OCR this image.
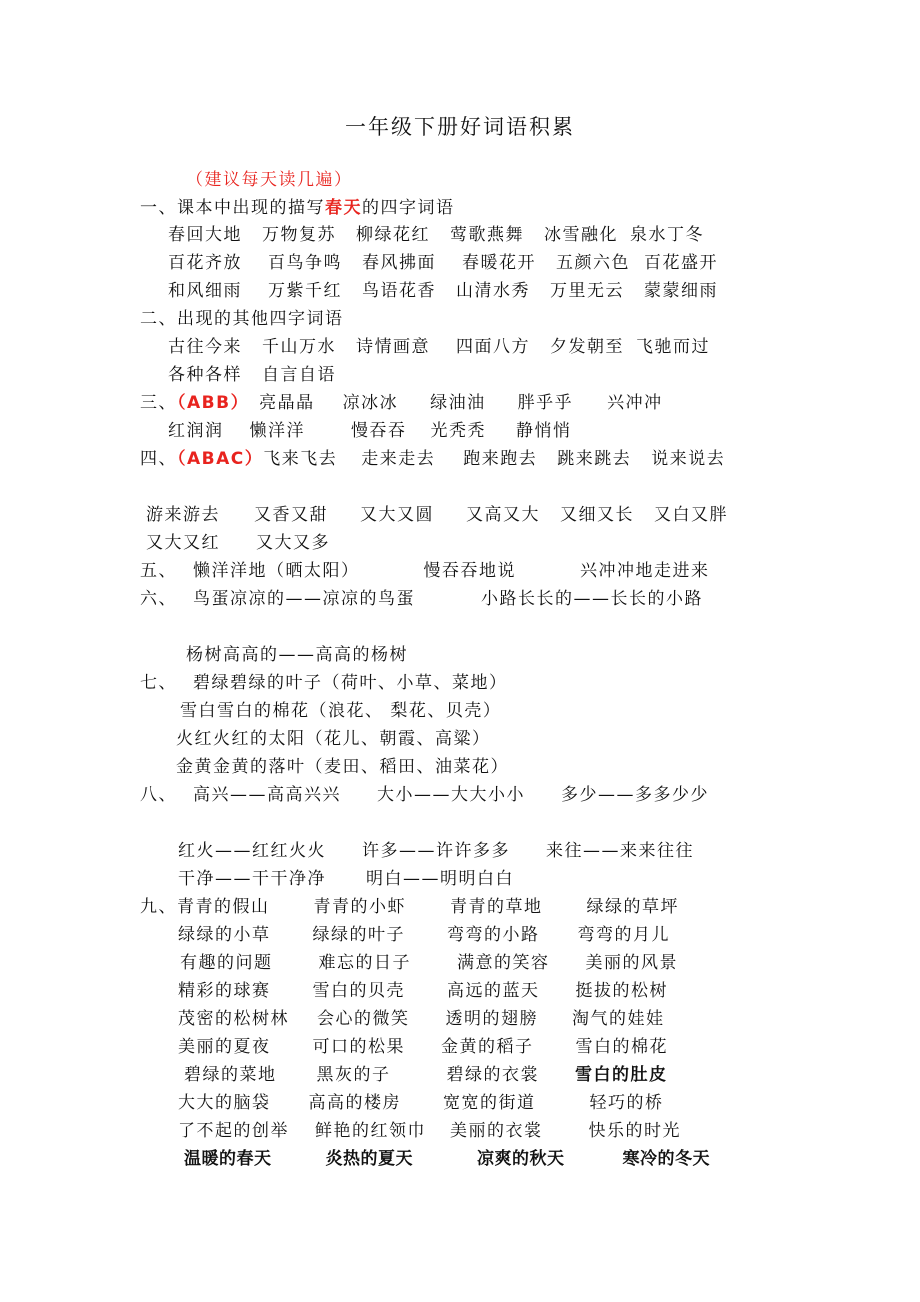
一年级下册好词语积累
（建议每天读几遍）
一、课本中出现的描写春天的四字词语
春回大地 万物复苏 柳绿花红 莺歌燕舞 冰雪融化 泉水丁冬
百花齐放 百鸟争鸣 春风拂面 春暖花开 五颜六色 百花盛开
和风细雨 万紫千红 鸟语花香 山清水秀 万里无云 蒙蒙细雨
二、出现的其他四字词语
古往今来 千山万水 诗情画意 四面八方 夕发朝至 飞驰而过
各种各样 自言自语
三、（ABB） 亮晶晶 凉冰冰 绿油油 胖乎乎 兴冲冲
红润润 懒洋洋	慢吞吞 光秃秃 静悄悄
四、（ABAC）飞来飞去 走来走去 跑来跑去 跳来跳去 说来说去
游来游去 又香又甜 又大又圆 又高又大 又细又长 又白又胖
又大又红 又大又多
五、 懒洋洋地（晒太阳）	慢吞吞地说	兴冲冲地走进来
六、 鸟蛋凉凉的——凉凉的鸟蛋	小路长长的——长长的小路
杨树高高的——高高的杨树
七、 碧绿碧绿的叶子（荷叶、小草、菜地）
雪白雪白的棉花（浪花、 梨花、贝壳）
火红火红的太阳（花儿、朝霞、高粱）
金黄金黄的落叶（麦田、稻田、油菜花）
八、 高兴——高高兴兴 大小——大大小小 多少——多多少少
红火——红红火火 许多——许许多多 来往——来来往往
干净——干干净净 明白——明明白白
九、青青的假山	青青的小虾	青青的草地	绿绿的草坪
绿绿的小草 绿绿的叶子 弯弯的小路 弯弯的月儿
有趣的问题	难忘的日子	满意的笑容 美丽的风景
精彩的球赛 雪白的贝壳 高远的蓝天 挺拔的松树
茂密的松树林 会心的微笑 透明的翅膀 淘气的娃娃
美丽的夏夜 可口的松果 金黄的稻子 雪白的棉花
碧绿的菜地 黑灰的子	碧绿的衣裳 雪白的肚皮
大大的脑袋 高高的楼房 宽宽的街道	轻巧的桥
了不起的创举 鲜艳的红领巾 美丽的衣裳	快乐的时光
温暖的春天	炎热的夏天	凉爽的秋天	寒冷的冬天
